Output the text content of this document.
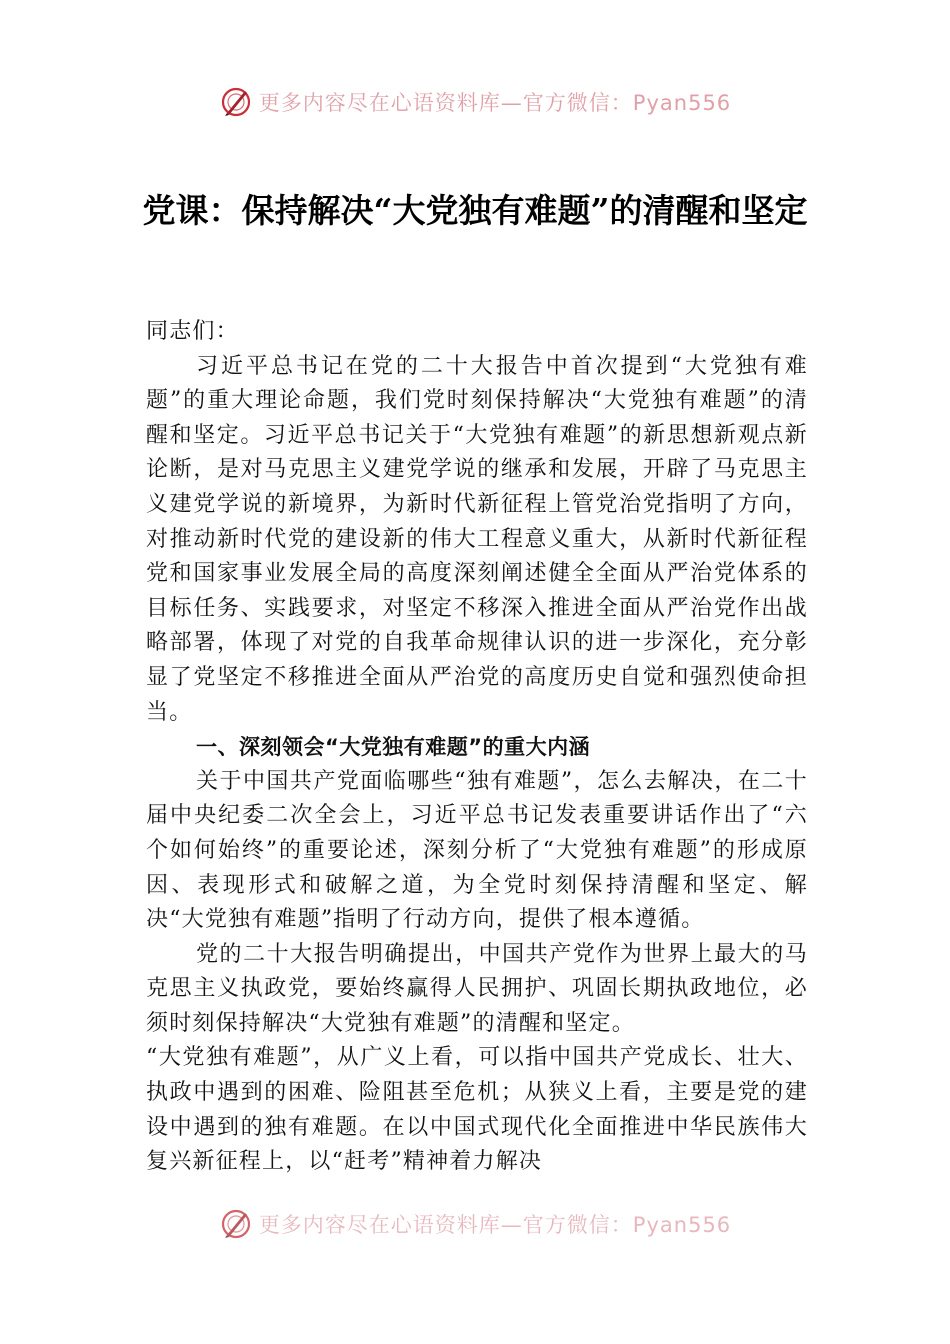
更多内容尽在心语资料库—官方微信：Pyan556
党课：保持解决“大党独有难题”的清醒和坚定

同志们：

习近平总书记在党的二十大报告中首次提到“大党独有难题”的重大理论命题，我们党时刻保持解决“大党独有难题”的清醒和坚定。习近平总书记关于“大党独有难题”的新思想新观点新论断，是对马克思主义建党学说的继承和发展，开辟了马克思主义建党学说的新境界，为新时代新征程上管党治党指明了方向，对推动新时代党的建设新的伟大工程意义重大，从新时代新征程党和国家事业发展全局的高度深刻阐述健全全面从严治党体系的目标任务、实践要求，对坚定不移深入推进全面从严治党作出战略部署，体现了对党的自我革命规律认识的进一步深化，充分彰显了党坚定不移推进全面从严治党的高度历史自觉和强烈使命担当。

一、深刻领会“大党独有难题”的重大内涵

关于中国共产党面临哪些“独有难题”，怎么去解决，在二十届中央纪委二次全会上，习近平总书记发表重要讲话作出了“六个如何始终”的重要论述，深刻分析了“大党独有难题”的形成原因、表现形式和破解之道，为全党时刻保持清醒和坚定、解决“大党独有难题”指明了行动方向，提供了根本遵循。

党的二十大报告明确提出，中国共产党作为世界上最大的马克思主义执政党，要始终赢得人民拥护、巩固长期执政地位，必须时刻保持解决“大党独有难题”的清醒和坚定。

“大党独有难题”，从广义上看，可以指中国共产党成长、壮大、执政中遇到的困难、险阻甚至危机；从狭义上看，主要是党的建设中遇到的独有难题。在以中国式现代化全面推进中华民族伟大复兴新征程上，以“赶考”精神着力解决

更多内容尽在心语资料库—官方微信：Pyan556
